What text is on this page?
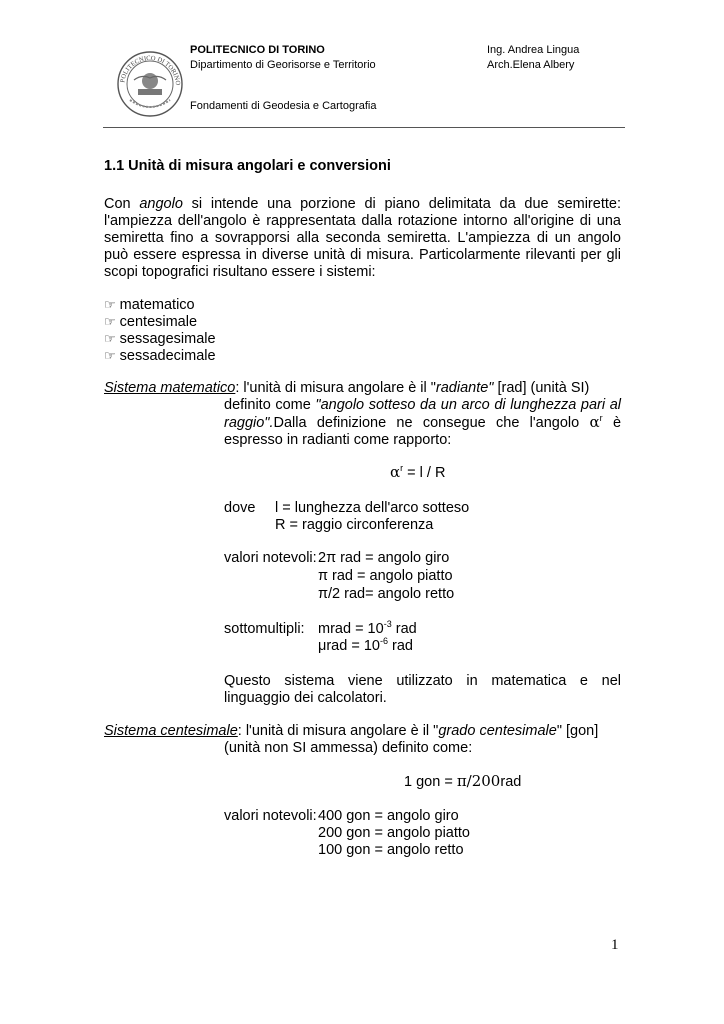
POLITECNICO DI TORINO
POLITECNICO DI TORINO
Dipartimento di Georisorse e Territorio
Fondamenti di Geodesia e Cartografia
Ing. Andrea Lingua
Arch.Elena Albery
1.1 Unità di misura angolari e conversioni
Con angolo si intende una porzione di piano delimitata da due semirette: l'ampiezza dell'angolo è rappresentata dalla rotazione intorno all'origine di una semiretta fino a sovrapporsi alla seconda semiretta. L'ampiezza di un angolo può essere espressa in diverse unità di misura. Particolarmente rilevanti per gli scopi topografici risultano essere i sistemi:
☞ matematico
☞ centesimale
☞ sessagesimale
☞ sessadecimale
Sistema matematico: l'unità di misura angolare è il "radiante" [rad] (unità SI)
definito come "angolo sotteso da un arco di lunghezza pari al raggio".Dalla definizione ne consegue che l'angolo $\alpha^r$ è espresso in radianti come rapporto:
$\alpha^r = l / R$
dove l = lunghezza dell'arco sotteso
R = raggio circonferenza
valori notevoli: 2π rad = angolo giro
π rad = angolo piatto
π/2 rad= angolo retto
sottomultipli: mrad = $10^{-3}$ rad
$\mu rad = 10^{-6}$ rad
Questo sistema viene utilizzato in matematica e nel linguaggio dei calcolatori.
Sistema centesimale: l'unità di misura angolare è il "grado centesimale" [gon]
(unità non SI ammessa) definito come:
1 gon = π/200rad
valori notevoli: 400 gon = angolo giro
200 gon = angolo piatto
100 gon = angolo retto
1
